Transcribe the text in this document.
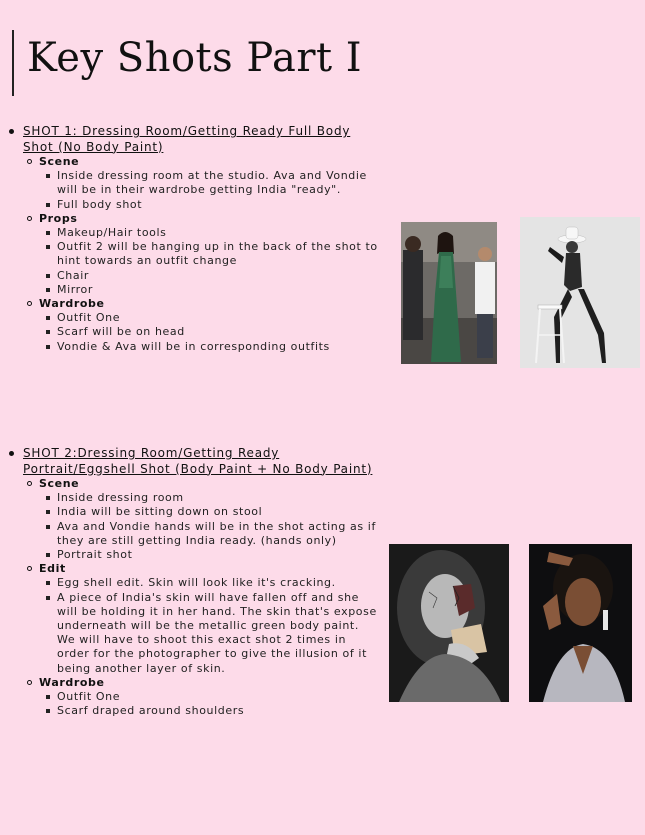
Key Shots Part I
SHOT 1: Dressing Room/Getting Ready Full Body Shot (No Body Paint)
Scene
Inside dressing room at the studio. Ava and Vondie will be in their wardrobe getting India "ready".
Full body shot
Props
Makeup/Hair tools
Outfit 2 will be hanging up in the back of the shot to hint towards an outfit change
Chair
Mirror
Wardrobe
Outfit One
Scarf will be on head
Vondie & Ava will be in corresponding outfits
SHOT 2:Dressing Room/Getting Ready Portrait/Eggshell Shot (Body Paint + No Body Paint)
Scene
Inside dressing room
India will be sitting down on stool
Ava and Vondie hands will be in the shot acting as if they are still getting India ready. (hands only)
Portrait shot
Edit
Egg shell edit. Skin will look like it's cracking.
A piece of India's skin will have fallen off and she will be holding it in her hand. The skin that's expose underneath will be the metallic green body paint. We will have to shoot this exact shot 2 times in order for the photographer to give the illusion of it being another layer of skin.
Wardrobe
Outfit One
Scarf draped around shoulders
